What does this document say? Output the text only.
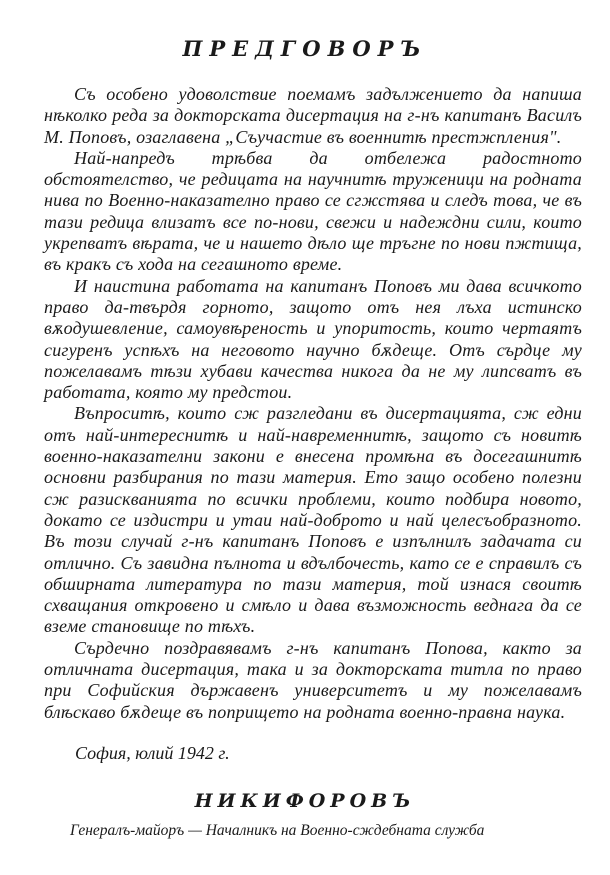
ПРЕДГОВОРЪ

Съ особено удоволствие поемамъ задължението да напиша нѣколко реда за докторската дисертация на г-нъ капитанъ Василъ М. Поповъ, озаглавена „Съучастие въ военнитѣ престжпления".

Най-напредъ трѣбва да отбележа радостното обстоятелство, че редицата на научнитѣ труженици на родната нива по Военно-наказателно право се сгжстява и следъ това, че въ тази редица влизатъ все по-нови, свежи и надеждни сили, които укрепватъ вѣрата, че и нашето дѣло ще тръгне по нови пжтища, въ кракъ съ хода на сегашното време.

И наистина работата на капитанъ Поповъ ми дава всичкото право да-твърдя горното, защото отъ нея лъха истинско вѫодушевление, самоувѣреность и упоритость, които чертаятъ сигуренъ успѣхъ на неговото научно бѫдеще. Отъ сърдце му пожелавамъ тѣзи хубави качества никога да не му липсватъ въ работата, която му предстои.

Въпроситѣ, които сж разгледани въ дисертацията, сж едни отъ най-интереснитѣ и най-навременнитѣ, защото съ новитѣ военно-наказателни закони е внесена промѣна въ досегашнитѣ основни разбирания по тази материя. Ето защо особено полезни сж разискванията по всички проблеми, които подбира новото, докато се издистри и утаи най-доброто и най целесъобразното. Въ този случай г-нъ капитанъ Поповъ е изпълнилъ задачата си отлично. Съ завидна пълнота и вдълбочесть, като се е справилъ съ обширната литература по тази материя, той изнася своитѣ схващания откровено и смѣло и дава възможность веднага да се вземе становище по тѣхъ.

Сърдечно поздравявамъ г-нъ капитанъ Попова, както за отличната дисертация, така и за докторската титла по право при Софийския държавенъ университетъ и му пожелавамъ блѣскаво бѫдеще въ попрището на родната военно-правна наука.

София, юлий 1942 г.

НИКИФОРОВЪ

Генералъ-майоръ — Началникъ на Военно-сждебната служба
